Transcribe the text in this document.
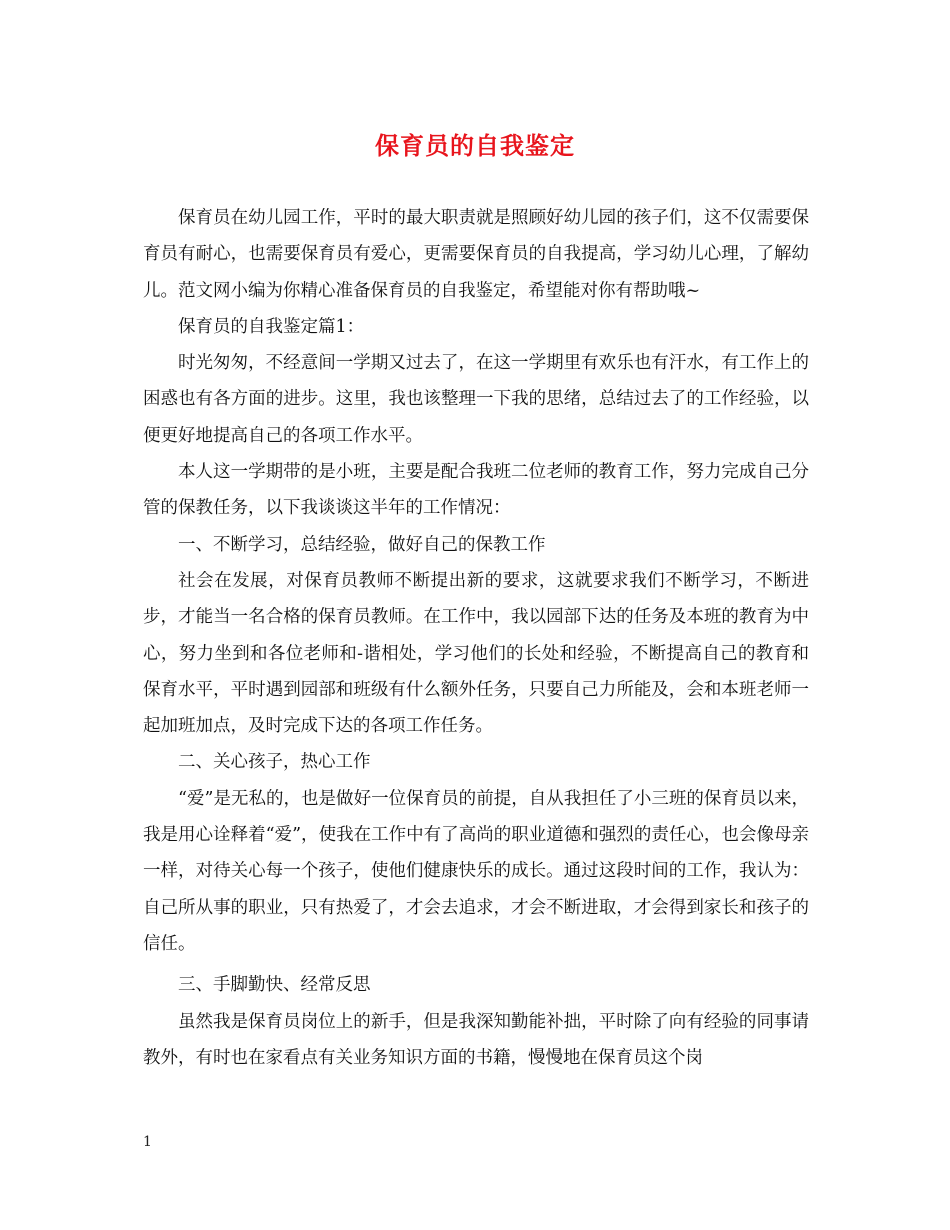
保育员的自我鉴定

保育员在幼儿园工作，平时的最大职责就是照顾好幼儿园的孩子们，这不仅需要保育员有耐心，也需要保育员有爱心，更需要保育员的自我提高，学习幼儿心理，了解幼儿。范文网小编为你精心准备保育员的自我鉴定，希望能对你有帮助哦~

保育员的自我鉴定篇1：

时光匆匆，不经意间一学期又过去了，在这一学期里有欢乐也有汗水，有工作上的困惑也有各方面的进步。这里，我也该整理一下我的思绪，总结过去了的工作经验，以便更好地提高自己的各项工作水平。

本人这一学期带的是小班，主要是配合我班二位老师的教育工作，努力完成自己分管的保教任务，以下我谈谈这半年的工作情况：

一、不断学习，总结经验，做好自己的保教工作

社会在发展，对保育员教师不断提出新的要求，这就要求我们不断学习，不断进步，才能当一名合格的保育员教师。在工作中，我以园部下达的任务及本班的教育为中心，努力坐到和各位老师和-谐相处，学习他们的长处和经验，不断提高自己的教育和保育水平，平时遇到园部和班级有什么额外任务，只要自己力所能及，会和本班老师一起加班加点，及时完成下达的各项工作任务。

二、关心孩子，热心工作

“爱”是无私的，也是做好一位保育员的前提，自从我担任了小三班的保育员以来，我是用心诠释着“爱”，使我在工作中有了高尚的职业道德和强烈的责任心，也会像母亲一样，对待关心每一个孩子，使他们健康快乐的成长。通过这段时间的工作，我认为：自己所从事的职业，只有热爱了，才会去追求，才会不断进取，才会得到家长和孩子的信任。

三、手脚勤快、经常反思

虽然我是保育员岗位上的新手，但是我深知勤能补拙，平时除了向有经验的同事请教外，有时也在家看点有关业务知识方面的书籍，慢慢地在保育员这个岗

1
